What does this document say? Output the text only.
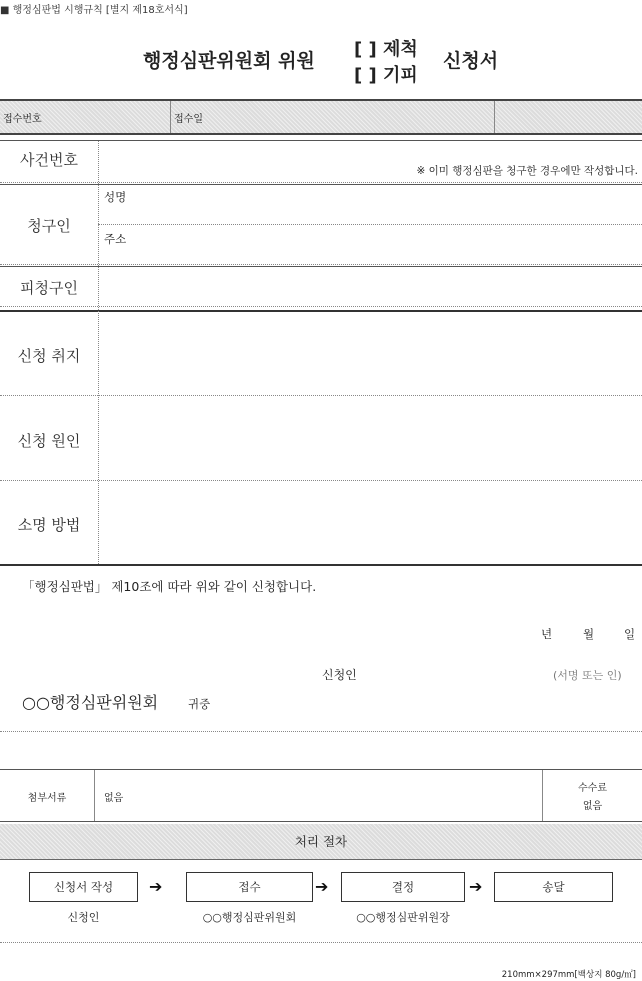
■ 행정심판법 시행규칙 [별지 제18호서식]
행정심판위원회 위원
[ ] 제척
[ ] 기피
신청서
접수번호	접수일
사건번호
※ 이미 행정심판을 청구한 경우에만 작성합니다.
청구인
성명
주소
피청구인
신청 취지
신청 원인
소명 방법
「행정심판법」 제10조에 따라 위와 같이 신청합니다.
년	월	일
신청인	(서명 또는 인)
○○행정심판위원회	귀중
첨부서류	없음
수수료
없음
처리 절차
신청서 작성	➔	접수	➔	결정	➔	송달
신청인	○○행정심판위원회	○○행정심판위원장
210mm×297mm[백상지 80g/㎡]
